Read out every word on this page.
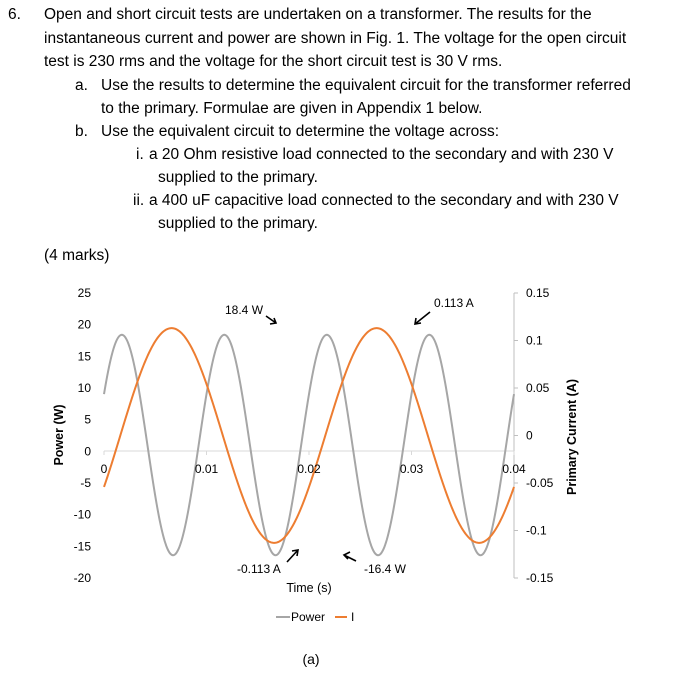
6. Open and short circuit tests are undertaken on a transformer. The results for the
instantaneous current and power are shown in Fig. 1. The voltage for the open circuit
test is 230 rms and the voltage for the short circuit test is 30 V rms.
a. Use the results to determine the equivalent circuit for the transformer referred
to the primary. Formulae are given in Appendix 1 below.
b. Use the equivalent circuit to determine the voltage across:
i. a 20 Ohm resistive load connected to the secondary and with 230 V
supplied to the primary.
ii. a 400 uF capacitive load connected to the secondary and with 230 V
supplied to the primary.
(4 marks)
25
20
15
10
5
0
-5
-10
-15
-20
0.15
0.1
0.05
0
-0.05
-0.1
-0.15
0	0.01	0.02	0.03	0.04
18.4 W	0.113 A
-0.113 A	-16.4 W
Time (s)
Power (W)	Primary Current (A)
Power I
(a)
